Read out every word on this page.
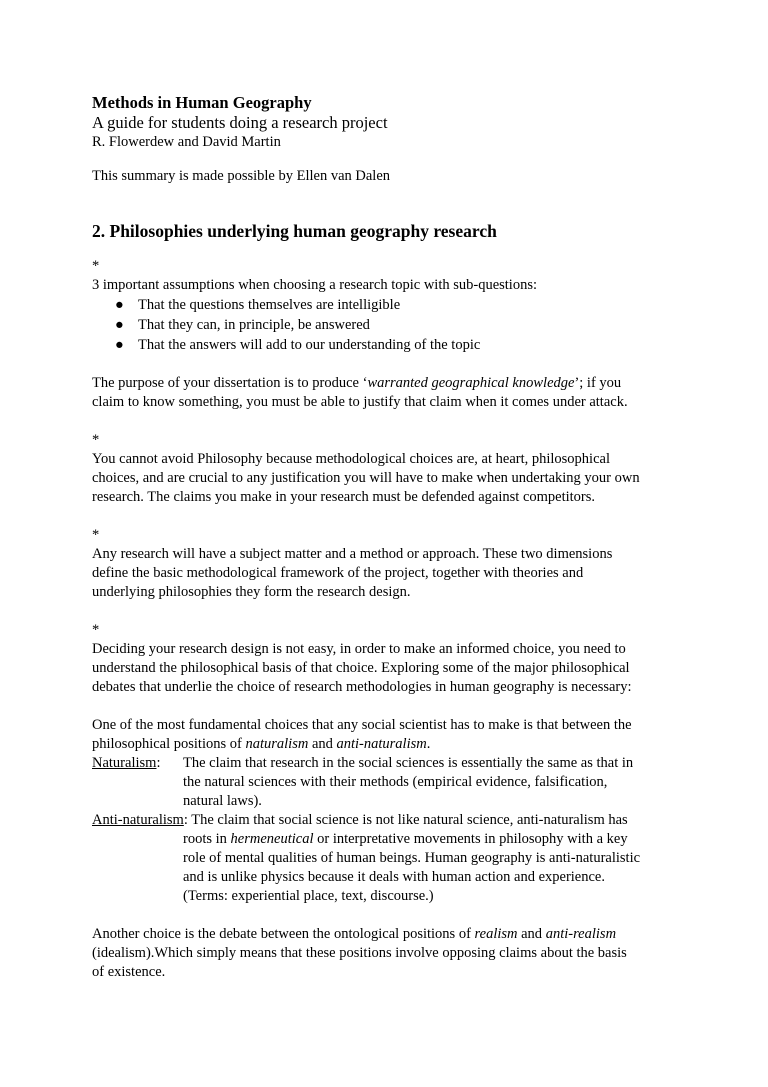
Methods in Human Geography
A guide for students doing a research project
R. Flowerdew and David Martin
This summary is made possible by Ellen van Dalen
2. Philosophies underlying human geography research
*

3 important assumptions when choosing a research topic with sub-questions:

● That the questions themselves are intelligible
● That they can, in principle, be answered
● That the answers will add to our understanding of the topic

The purpose of your dissertation is to produce ‘warranted geographical knowledge’; if you
claim to know something, you must be able to justify that claim when it comes under attack.

*

You cannot avoid Philosophy because methodological choices are, at heart, philosophical
choices, and are crucial to any justification you will have to make when undertaking your own
research. The claims you make in your research must be defended against competitors.

*

Any research will have a subject matter and a method or approach. These two dimensions
define the basic methodological framework of the project, together with theories and
underlying philosophies they form the research design.

*

Deciding your research design is not easy, in order to make an informed choice, you need to
understand the philosophical basis of that choice. Exploring some of the major philosophical
debates that underlie the choice of research methodologies in human geography is necessary:

One of the most fundamental choices that any social scientist has to make is that between the
philosophical positions of naturalism and anti-naturalism.

Naturalism:	The claim that research in the social sciences is essentially the same as that in
the natural sciences with their methods (empirical evidence, falsification,
natural laws).
Anti-naturalism: The claim that social science is not like natural science, anti-naturalism has
roots in hermeneutical or interpretative movements in philosophy with a key
role of mental qualities of human beings. Human geography is anti-naturalistic
and is unlike physics because it deals with human action and experience.
(Terms: experiential place, text, discourse.)

Another choice is the debate between the ontological positions of realism and anti-realism
(idealism).Which simply means that these positions involve opposing claims about the basis
of existence.
